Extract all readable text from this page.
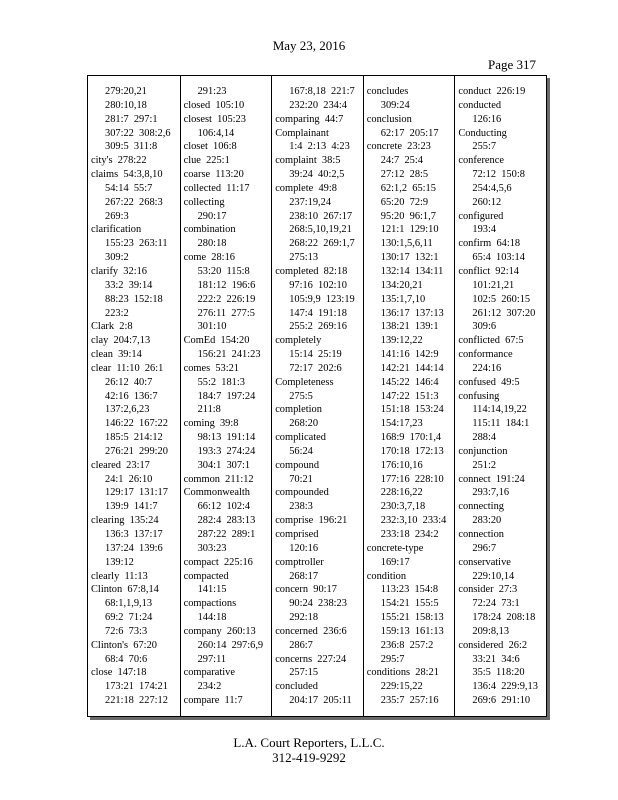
May 23, 2016
Page 317
279:20,21
280:10,18
281:7  297:1
307:22  308:2,6
309:5  311:8
city's  278:22
claims  54:3,8,10
54:14  55:7
267:22  268:3
269:3
clarification
155:23  263:11
309:2
clarify  32:16
33:2  39:14
88:23  152:18
223:2
Clark  2:8
clay  204:7,13
clean  39:14
clear  11:10  26:1
26:12  40:7
42:16  136:7
137:2,6,23
146:22  167:22
185:5  214:12
276:21  299:20
cleared  23:17
24:1  26:10
129:17  131:17
139:9  141:7
clearing  135:24
136:3  137:17
137:24  139:6
139:12
clearly  11:13
Clinton  67:8,14
68:1,1,9,13
69:2  71:24
72:6  73:3
Clinton's  67:20
68:4  70:6
close  147:18
173:21  174:21
221:18  227:12
291:23
closed  105:10
closest  105:23
106:4,14
closet  106:8
clue  225:1
coarse  113:20
collected  11:17
collecting
290:17
combination
280:18
come  28:16
53:20  115:8
181:12  196:6
222:2  226:19
276:11  277:5
301:10
ComEd  154:20
156:21  241:23
comes  53:21
55:2  181:3
184:7  197:24
211:8
coming  39:8
98:13  191:14
193:3  274:24
304:1  307:1
common  211:12
Commonwealth
66:12  102:4
282:4  283:13
287:22  289:1
303:23
compact  225:16
compacted
141:15
compactions
144:18
company  260:13
260:14  297:6,9
297:11
comparative
234:2
compare  11:7
167:8,18  221:7
232:20  234:4
comparing  44:7
Complainant
1:4  2:13  4:23
complaint  38:5
39:24  40:2,5
complete  49:8
237:19,24
238:10  267:17
268:5,10,19,21
268:22  269:1,7
275:13
completed  82:18
97:16  102:10
105:9,9  123:19
147:4  191:18
255:2  269:16
completely
15:14  25:19
72:17  202:6
Completeness
275:5
completion
268:20
complicated
56:24
compound
70:21
compounded
238:3
comprise  196:21
comprised
120:16
comptroller
268:17
concern  90:17
90:24  238:23
292:18
concerned  236:6
286:7
concerns  227:24
257:15
concluded
204:17  205:11
concludes
309:24
conclusion
62:17  205:17
concrete  23:23
24:7  25:4
27:12  28:5
62:1,2  65:15
65:20  72:9
95:20  96:1,7
121:1  129:10
130:1,5,6,11
130:17  132:1
132:14  134:11
134:20,21
135:1,7,10
136:17  137:13
138:21  139:1
139:12,22
141:16  142:9
142:21  144:14
145:22  146:4
147:22  151:3
151:18  153:24
154:17,23
168:9  170:1,4
170:18  172:13
176:10,16
177:16  228:10
228:16,22
230:3,7,18
232:3,10  233:4
233:18  234:2
concrete-type
169:17
condition
113:23  154:8
154:21  155:5
155:21  158:13
159:13  161:13
236:8  257:2
295:7
conditions  28:21
229:15,22
235:7  257:16
conduct  226:19
conducted
126:16
Conducting
255:7
conference
72:12  150:8
254:4,5,6
260:12
configured
193:4
confirm  64:18
65:4  103:14
conflict  92:14
101:21,21
102:5  260:15
261:12  307:20
309:6
conflicted  67:5
conformance
224:16
confused  49:5
confusing
114:14,19,22
115:11  184:1
288:4
conjunction
251:2
connect  191:24
293:7,16
connecting
283:20
connection
296:7
conservative
229:10,14
consider  27:3
72:24  73:1
178:24  208:18
209:8,13
considered  26:2
33:21  34:6
35:5  118:20
136:4  229:9,13
269:6  291:10
L.A. Court Reporters, L.L.C.
312-419-9292
